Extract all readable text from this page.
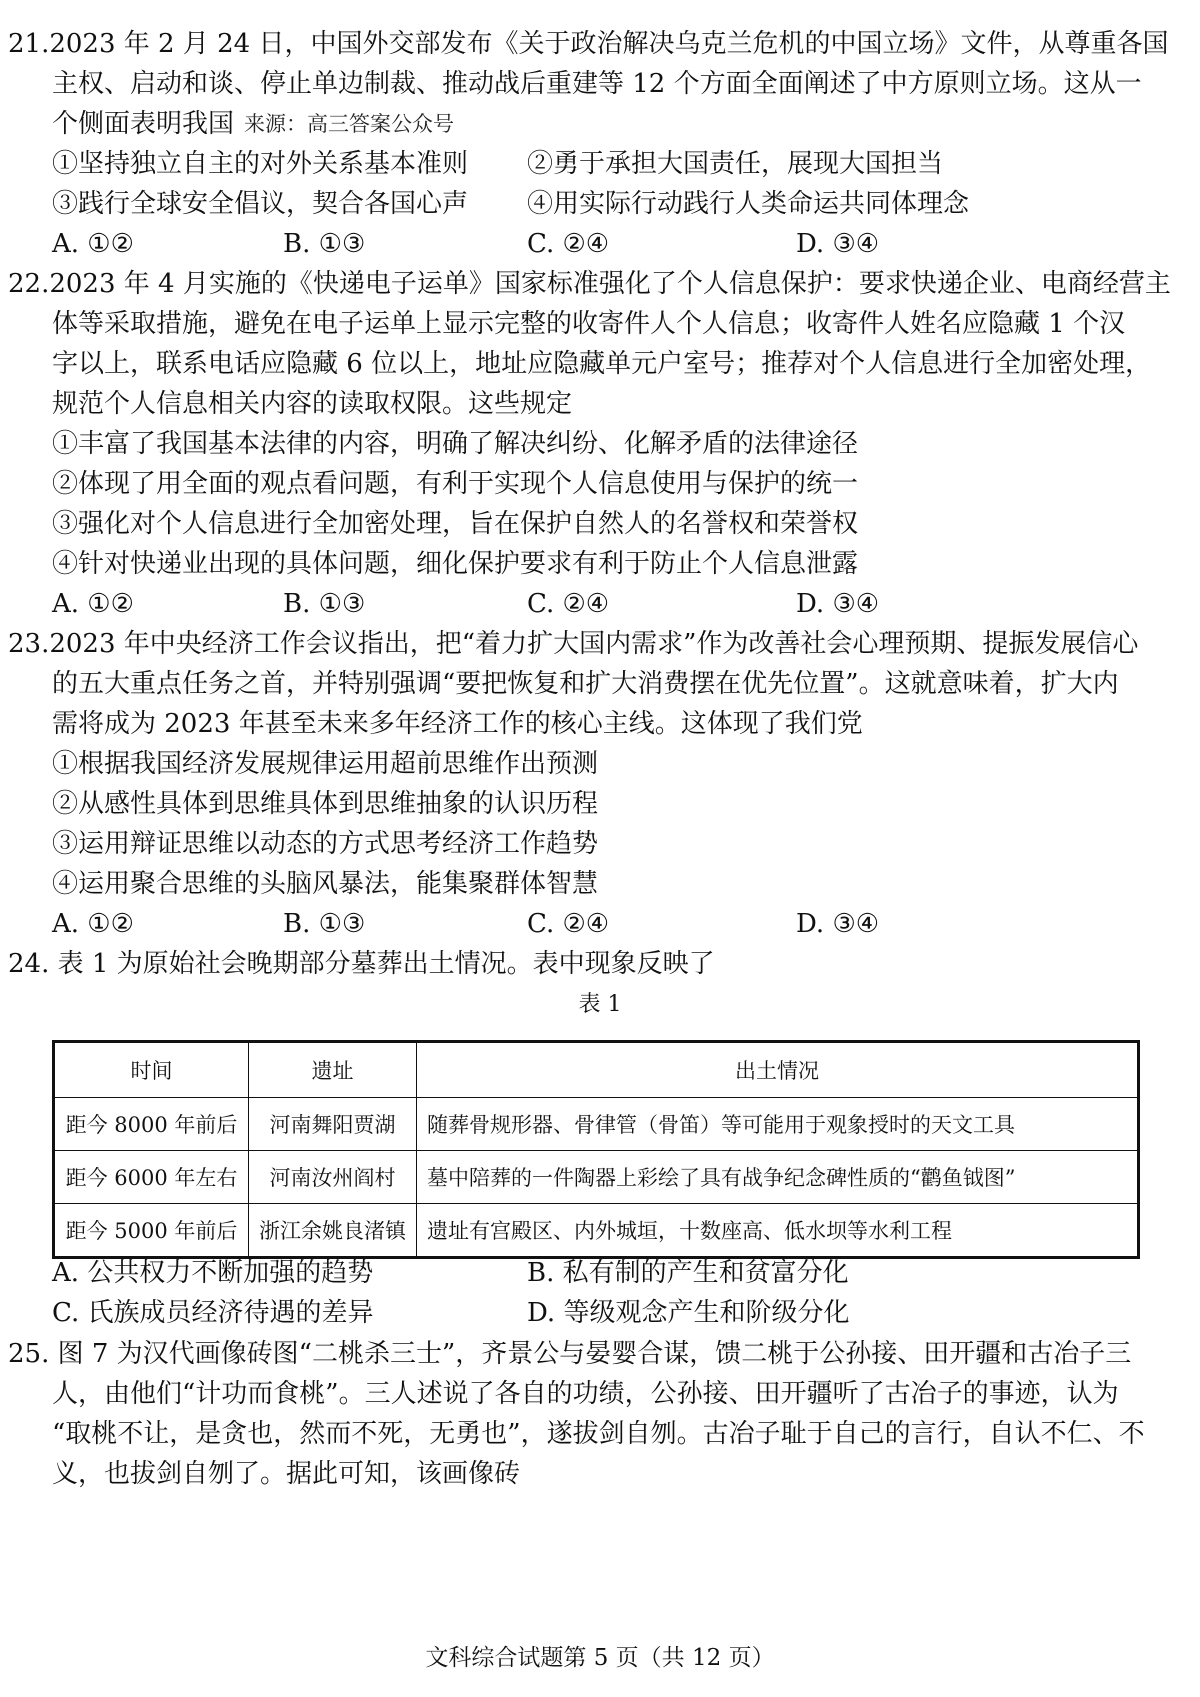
21.2023 年 2 月 24 日，中国外交部发布《关于政治解决乌克兰危机的中国立场》文件，从尊重各国
主权、启动和谈、停止单边制裁、推动战后重建等 12 个方面全面阐述了中方原则立场。这从一
个侧面表明我国 来源：高三答案公众号
①坚持独立自主的对外关系基本准则 ②勇于承担大国责任，展现大国担当
③践行全球安全倡议，契合各国心声 ④用实际行动践行人类命运共同体理念
A. ①②	B. ①③	C. ②④	D. ③④
22.2023 年 4 月实施的《快递电子运单》国家标准强化了个人信息保护：要求快递企业、电商经营主
体等采取措施，避免在电子运单上显示完整的收寄件人个人信息；收寄件人姓名应隐藏 1 个汉
字以上，联系电话应隐藏 6 位以上，地址应隐藏单元户室号；推荐对个人信息进行全加密处理，
规范个人信息相关内容的读取权限。这些规定
①丰富了我国基本法律的内容，明确了解决纠纷、化解矛盾的法律途径
②体现了用全面的观点看问题，有利于实现个人信息使用与保护的统一
③强化对个人信息进行全加密处理，旨在保护自然人的名誉权和荣誉权
④针对快递业出现的具体问题，细化保护要求有利于防止个人信息泄露
A. ①②	B. ①③	C. ②④	D. ③④
23.2023 年中央经济工作会议指出，把“着力扩大国内需求”作为改善社会心理预期、提振发展信心
的五大重点任务之首，并特别强调“要把恢复和扩大消费摆在优先位置”。这就意味着，扩大内
需将成为 2023 年甚至未来多年经济工作的核心主线。这体现了我们党
①根据我国经济发展规律运用超前思维作出预测
②从感性具体到思维具体到思维抽象的认识历程
③运用辩证思维以动态的方式思考经济工作趋势
④运用聚合思维的头脑风暴法，能集聚群体智慧
A. ①②	B. ①③	C. ②④	D. ③④
24. 表 1 为原始社会晚期部分墓葬出土情况。表中现象反映了
表 1
时间	遗址	出土情况
距今 8000 年前后	河南舞阳贾湖	随葬骨规形器、骨律管（骨笛）等可能用于观象授时的天文工具
距今 6000 年左右	河南汝州阎村	墓中陪葬的一件陶器上彩绘了具有战争纪念碑性质的“鹳鱼钺图”
距今 5000 年前后	浙江余姚良渚镇	遗址有宫殿区、内外城垣，十数座高、低水坝等水利工程
A. 公共权力不断加强的趋势	B. 私有制的产生和贫富分化
C. 氏族成员经济待遇的差异	D. 等级观念产生和阶级分化
25. 图 7 为汉代画像砖图“二桃杀三士”，齐景公与晏婴合谋，馈二桃于公孙接、田开疆和古冶子三
人，由他们“计功而食桃”。三人述说了各自的功绩，公孙接、田开疆听了古冶子的事迹，认为
“取桃不让，是贪也，然而不死，无勇也”，遂拔剑自刎。古冶子耻于自己的言行，自认不仁、不
义，也拔剑自刎了。据此可知，该画像砖
文科综合试题第 5 页（共 12 页）
